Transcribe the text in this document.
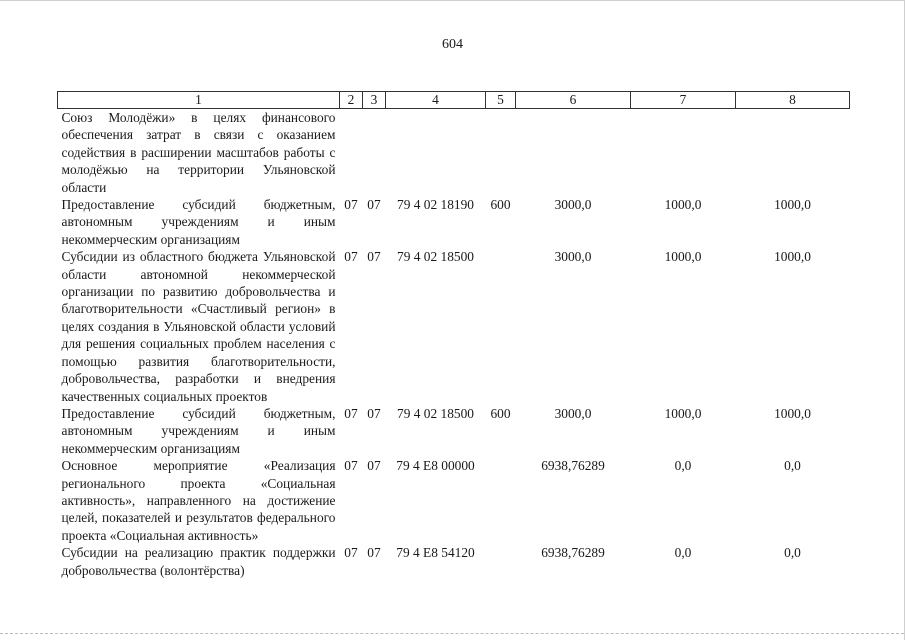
604
1	2	3	4	5	6	7	8
Союз Молодёжи» в целях финансового обеспечения затрат в связи с оказанием содействия в расширении масштабов работы с молодёжью на территории Ульяновской области							
Предоставление субсидий бюджетным, автономным учреждениям и иным некоммерческим организациям	07	07	79 4 02 18190	600	3000,0	1000,0	1000,0
Субсидии из областного бюджета Ульяновской области автономной некоммерческой организации по развитию добровольчества и благотворительности «Счастливый регион» в целях создания в Ульяновской области условий для решения социальных проблем населения с помощью развития благотворительности, добровольчества, разработки и внедрения качественных социальных проектов	07	07	79 4 02 18500		3000,0	1000,0	1000,0
Предоставление субсидий бюджетным, автономным учреждениям и иным некоммерческим организациям	07	07	79 4 02 18500	600	3000,0	1000,0	1000,0
Основное мероприятие «Реализация регионального проекта «Социальная активность», направленного на достижение целей, показателей и результатов федерального проекта «Социальная активность»	07	07	79 4 E8 00000		6938,76289	0,0	0,0
Субсидии на реализацию практик поддержки добровольчества (волонтёрства)	07	07	79 4 E8 54120		6938,76289	0,0	0,0
